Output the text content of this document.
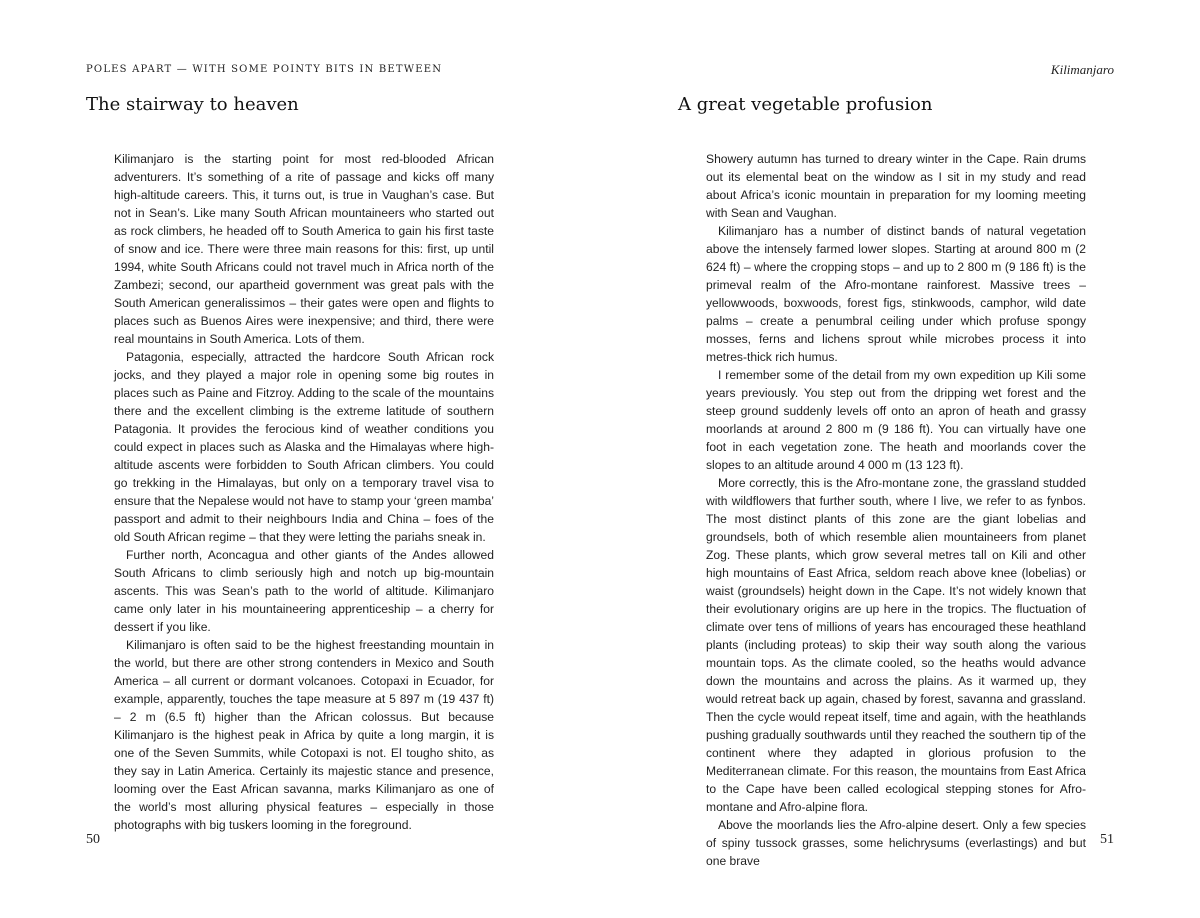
POLES APART — WITH SOME POINTY BITS IN BETWEEN
The stairway to heaven

Kilimanjaro is the starting point for most red-blooded African adventurers. It’s something of a rite of passage and kicks off many high-altitude careers. This, it turns out, is true in Vaughan’s case. But not in Sean’s. Like many South African mountaineers who started out as rock climbers, he headed off to South America to gain his first taste of snow and ice. There were three main reasons for this: first, up until 1994, white South Africans could not travel much in Africa north of the Zambezi; second, our apartheid government was great pals with the South American generalissimos – their gates were open and flights to places such as Buenos Aires were inexpensive; and third, there were real mountains in South America. Lots of them.

Patagonia, especially, attracted the hardcore South African rock jocks, and they played a major role in opening some big routes in places such as Paine and Fitzroy. Adding to the scale of the mountains there and the excellent climbing is the extreme latitude of southern Patagonia. It provides the ferocious kind of weather conditions you could expect in places such as Alaska and the Himalayas where high-altitude ascents were forbidden to South African climbers. You could go trekking in the Himalayas, but only on a temporary travel visa to ensure that the Nepalese would not have to stamp your ‘green mamba’ passport and admit to their neighbours India and China – foes of the old South African regime – that they were letting the pariahs sneak in.

Further north, Aconcagua and other giants of the Andes allowed South Africans to climb seriously high and notch up big-mountain ascents. This was Sean’s path to the world of altitude. Kilimanjaro came only later in his mountaineering apprenticeship – a cherry for dessert if you like.

Kilimanjaro is often said to be the highest freestanding mountain in the world, but there are other strong contenders in Mexico and South America – all current or dormant volcanoes. Cotopaxi in Ecuador, for example, apparently, touches the tape measure at 5 897 m (19 437 ft) – 2 m (6.5 ft) higher than the African colossus. But because Kilimanjaro is the highest peak in Africa by quite a long margin, it is one of the Seven Summits, while Cotopaxi is not. El tougho shito, as they say in Latin America. Certainly its majestic stance and presence, looming over the East African savanna, marks Kilimanjaro as one of the world’s most alluring physical features – especially in those photographs with big tuskers looming in the foreground.

50
Kilimanjaro
A great vegetable profusion

Showery autumn has turned to dreary winter in the Cape. Rain drums out its elemental beat on the window as I sit in my study and read about Africa’s iconic mountain in preparation for my looming meeting with Sean and Vaughan.

Kilimanjaro has a number of distinct bands of natural vegetation above the intensely farmed lower slopes. Starting at around 800 m (2 624 ft) – where the cropping stops – and up to 2 800 m (9 186 ft) is the primeval realm of the Afro-montane rainforest. Massive trees – yellowwoods, boxwoods, forest figs, stinkwoods, camphor, wild date palms – create a penumbral ceiling under which profuse spongy mosses, ferns and lichens sprout while microbes process it into metres-thick rich humus.

I remember some of the detail from my own expedition up Kili some years previously. You step out from the dripping wet forest and the steep ground suddenly levels off onto an apron of heath and grassy moorlands at around 2 800 m (9 186 ft). You can virtually have one foot in each vegetation zone. The heath and moorlands cover the slopes to an altitude around 4 000 m (13 123 ft).

More correctly, this is the Afro-montane zone, the grassland studded with wildflowers that further south, where I live, we refer to as fynbos. The most distinct plants of this zone are the giant lobelias and groundsels, both of which resemble alien mountaineers from planet Zog. These plants, which grow several metres tall on Kili and other high mountains of East Africa, seldom reach above knee (lobelias) or waist (groundsels) height down in the Cape. It’s not widely known that their evolutionary origins are up here in the tropics. The fluctuation of climate over tens of millions of years has encouraged these heathland plants (including proteas) to skip their way south along the various mountain tops. As the climate cooled, so the heaths would advance down the mountains and across the plains. As it warmed up, they would retreat back up again, chased by forest, savanna and grassland. Then the cycle would repeat itself, time and again, with the heathlands pushing gradually southwards until they reached the southern tip of the continent where they adapted in glorious profusion to the Mediterranean climate. For this reason, the mountains from East Africa to the Cape have been called ecological stepping stones for Afro-montane and Afro-alpine flora.

Above the moorlands lies the Afro-alpine desert. Only a few species of spiny tussock grasses, some helichrysums (everlastings) and but one brave

51
